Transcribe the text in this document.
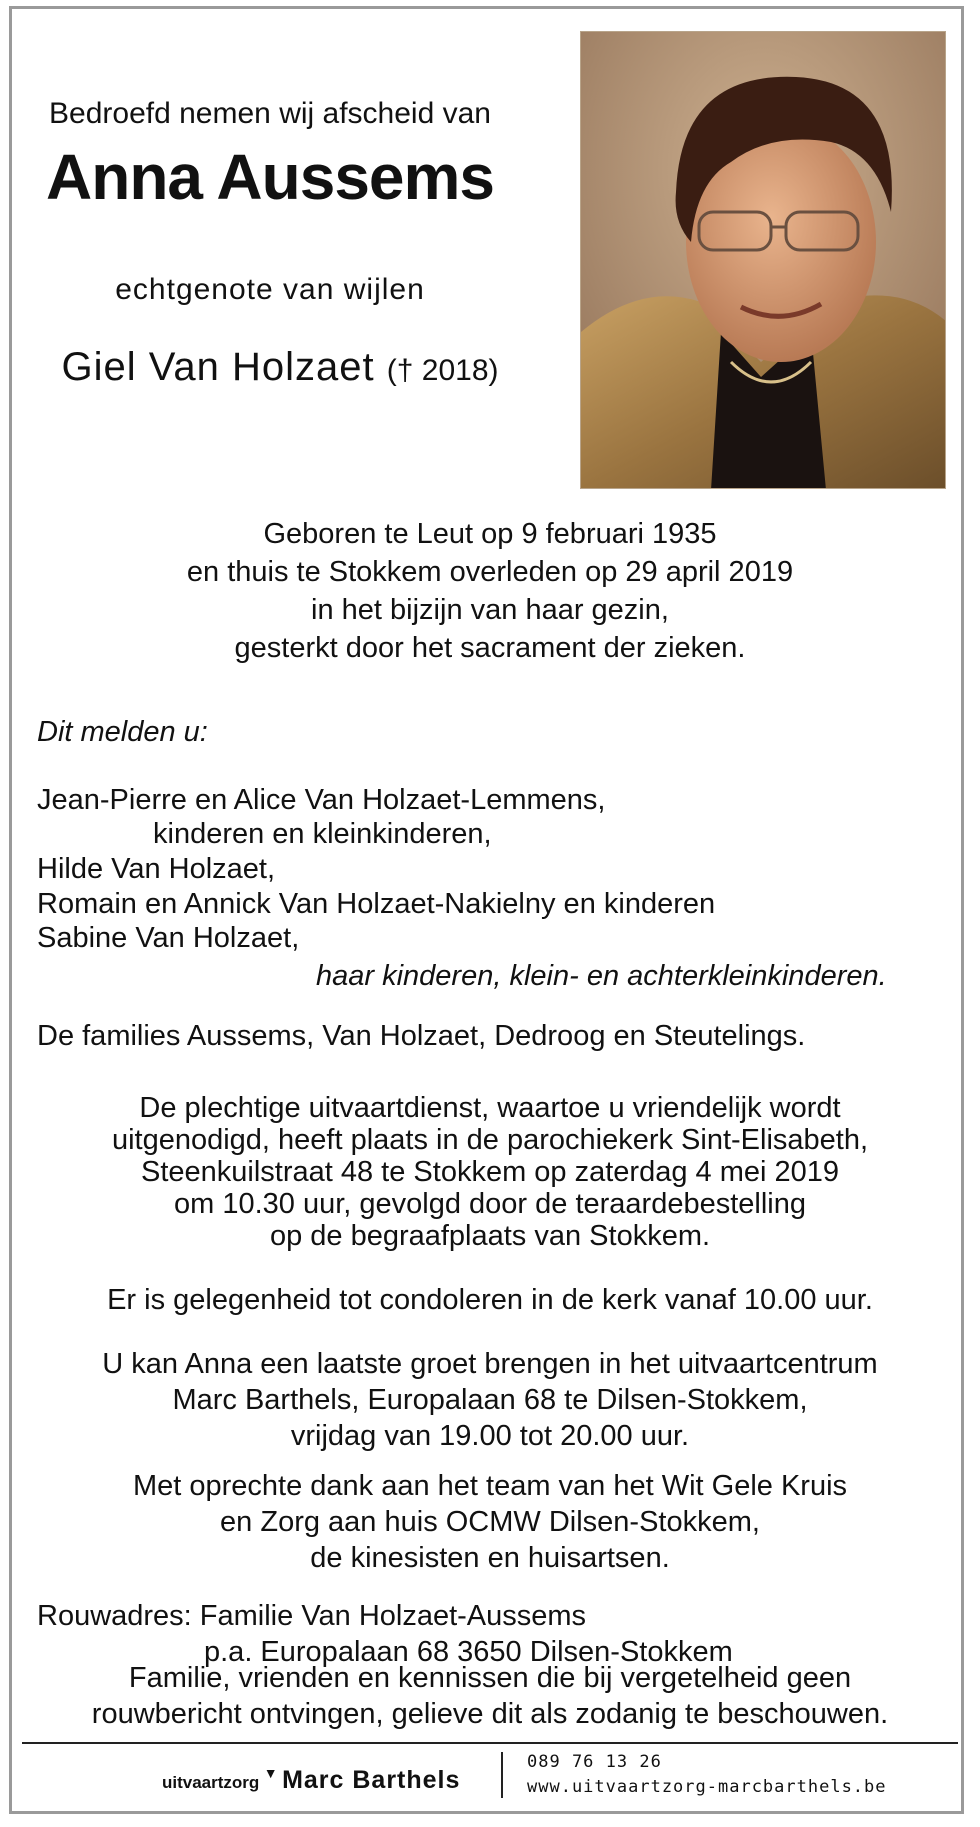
Bedroefd nemen wij afscheid van
Anna Aussems
echtgenote van wijlen
Giel Van Holzaet († 2018)
Geboren te Leut op 9 februari 1935
en thuis te Stokkem overleden op 29 april 2019
in het bijzijn van haar gezin,
gesterkt door het sacrament der zieken.
Dit melden u:
Jean-Pierre en Alice Van Holzaet-Lemmens,
kinderen en kleinkinderen,
Hilde Van Holzaet,
Romain en Annick Van Holzaet-Nakielny en kinderen
Sabine Van Holzaet,
haar kinderen, klein- en achterkleinkinderen.
De families Aussems, Van Holzaet, Dedroog en Steutelings.
De plechtige uitvaartdienst, waartoe u vriendelijk wordt
uitgenodigd, heeft plaats in de parochiekerk Sint-Elisabeth,
Steenkuilstraat 48 te Stokkem op zaterdag 4 mei 2019
om 10.30 uur, gevolgd door de teraardebestelling
op de begraafplaats van Stokkem.
Er is gelegenheid tot condoleren in de kerk vanaf 10.00 uur.
U kan Anna een laatste groet brengen in het uitvaartcentrum
Marc Barthels, Europalaan 68 te Dilsen-Stokkem,
vrijdag van 19.00 tot 20.00 uur.
Met oprechte dank aan het team van het Wit Gele Kruis
en Zorg aan huis OCMW Dilsen-Stokkem,
de kinesisten en huisartsen.
Rouwadres: Familie Van Holzaet-Aussems
p.a. Europalaan 68 3650 Dilsen-Stokkem
Familie, vrienden en kennissen die bij vergetelheid geen
rouwbericht ontvingen, gelieve dit als zodanig te beschouwen.
uitvaartzorg ▼ Marc Barthels
089 76 13 26
www.uitvaartzorg-marcbarthels.be
